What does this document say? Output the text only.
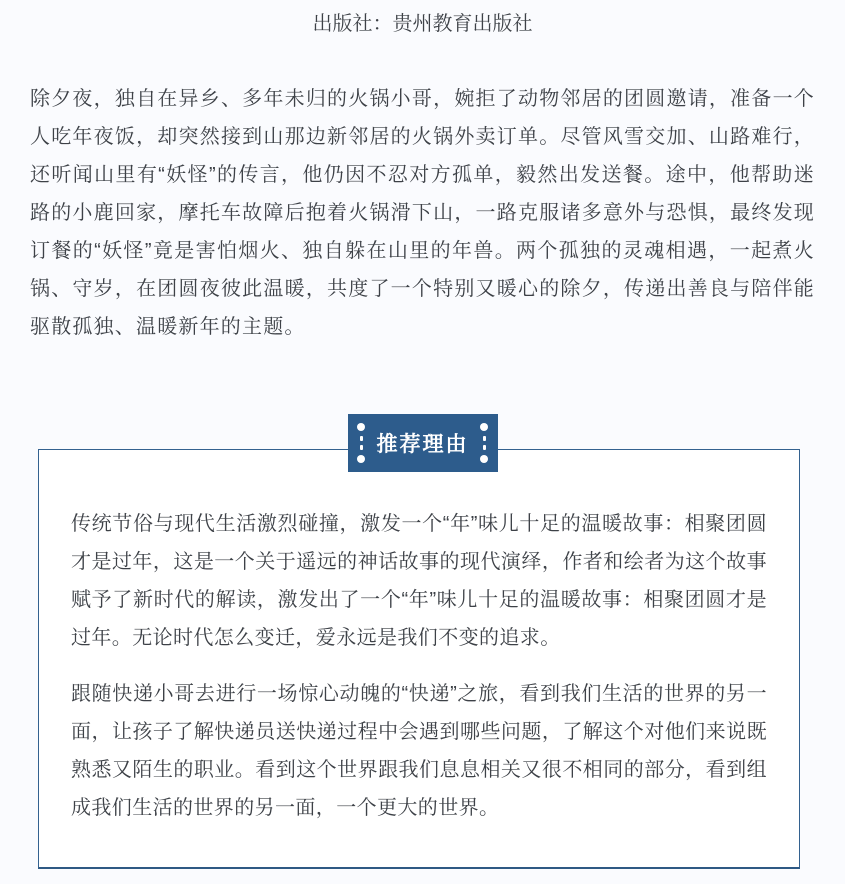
出版社：贵州教育出版社

除夕夜，独自在异乡、多年未归的火锅小哥，婉拒了动物邻居的团圆邀请，准备一个人吃年夜饭，却突然接到山那边新邻居的火锅外卖订单。尽管风雪交加、山路难行，还听闻山里有“妖怪”的传言，他仍因不忍对方孤单，毅然出发送餐。途中，他帮助迷路的小鹿回家，摩托车故障后抱着火锅滑下山，一路克服诸多意外与恐惧，最终发现订餐的“妖怪”竟是害怕烟火、独自躲在山里的年兽。两个孤独的灵魂相遇，一起煮火锅、守岁，在团圆夜彼此温暖，共度了一个特别又暖心的除夕，传递出善良与陪伴能驱散孤独、温暖新年的主题。

推荐理由

传统节俗与现代生活激烈碰撞，激发一个“年”味儿十足的温暖故事：相聚团圆才是过年，这是一个关于遥远的神话故事的现代演绎，作者和绘者为这个故事赋予了新时代的解读，激发出了一个“年”味儿十足的温暖故事：相聚团圆才是过年。无论时代怎么变迁，爱永远是我们不变的追求。

跟随快递小哥去进行一场惊心动魄的“快递”之旅，看到我们生活的世界的另一面，让孩子了解快递员送快递过程中会遇到哪些问题，了解这个对他们来说既熟悉又陌生的职业。看到这个世界跟我们息息相关又很不相同的部分，看到组成我们生活的世界的另一面，一个更大的世界。
